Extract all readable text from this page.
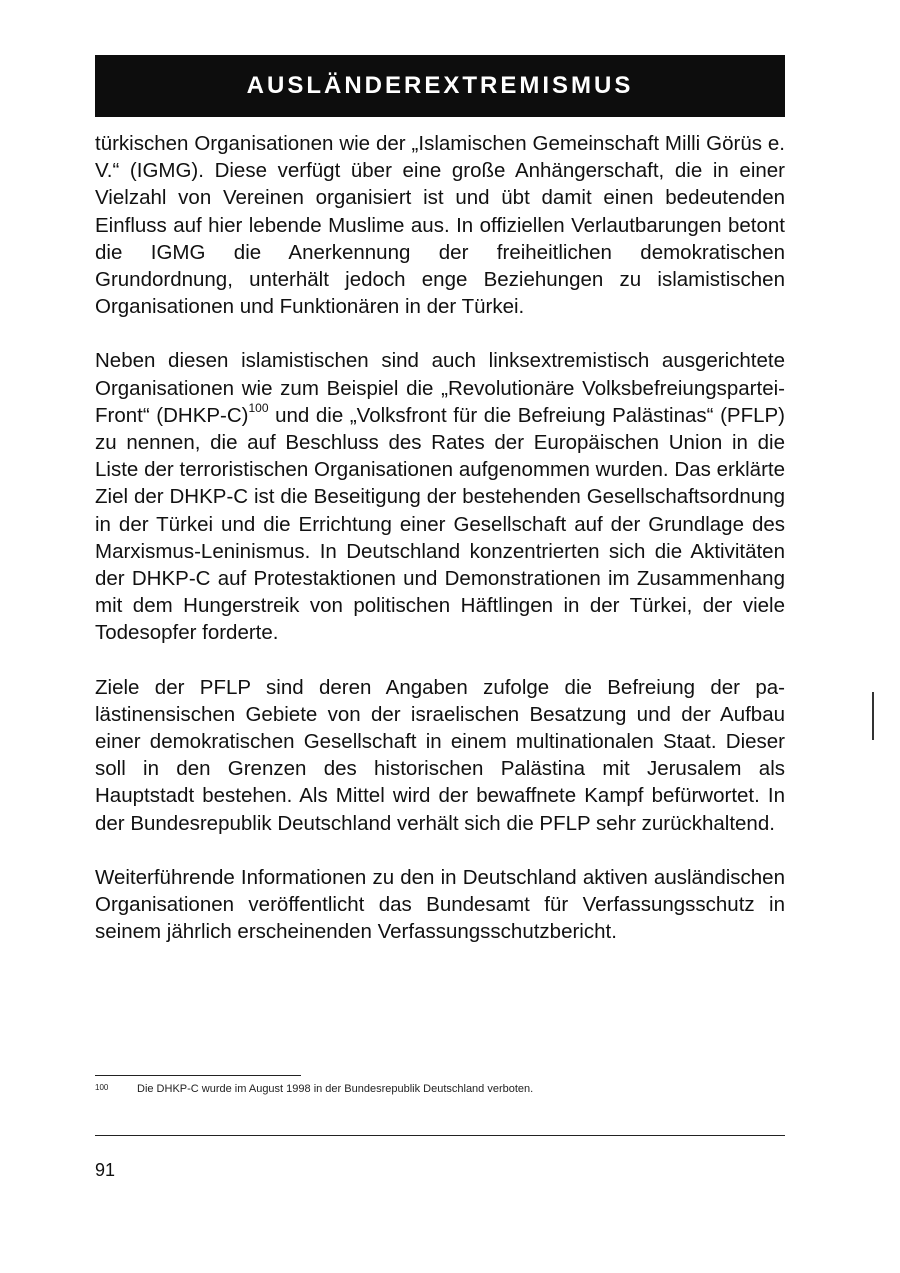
AUSLÄNDEREXTREMISMUS

türkischen Organisationen wie der „Islamischen Gemeinschaft Milli Görüs e. V.“ (IGMG). Diese verfügt über eine große Anhängerschaft, die in einer Vielzahl von Vereinen organisiert ist und übt damit einen bedeutenden Einfluss auf hier lebende Muslime aus. In offiziellen Verlautbarungen betont die IGMG die Anerkennung der freiheitlichen demokratischen Grundordnung, unterhält jedoch enge Beziehungen zu islamistischen Organisationen und Funktionären in der Türkei.

Neben diesen islamistischen sind auch linksextremistisch ausgerichtete Organisationen wie zum Beispiel die „Revolutionäre Volksbefreiungspartei-Front“ (DHKP-C)$^{100}$ und die „Volksfront für die Befreiung Palästinas“ (PFLP) zu nennen, die auf Beschluss des Rates der Europäischen Union in die Liste der terroristischen Organisationen aufgenommen wurden. Das erklärte Ziel der DHKP-C ist die Beseitigung der bestehenden Gesellschaftsordnung in der Türkei und die Errichtung einer Gesellschaft auf der Grundlage des Marxismus-Leninismus. In Deutschland konzentrierten sich die Aktivitäten der DHKP-C auf Protestaktionen und Demonstrationen im Zusammenhang mit dem Hungerstreik von politischen Häftlingen in der Türkei, der viele Todesopfer forderte.

Ziele der PFLP sind deren Angaben zufolge die Befreiung der palästinensischen Gebiete von der israelischen Besatzung und der Aufbau einer demokratischen Gesellschaft in einem multinationalen Staat. Dieser soll in den Grenzen des historischen Palästina mit Jerusalem als Hauptstadt bestehen. Als Mittel wird der bewaffnete Kampf befürwortet. In der Bundesrepublik Deutschland verhält sich die PFLP sehr zurückhaltend.

Weiterführende Informationen zu den in Deutschland aktiven ausländischen Organisationen veröffentlicht das Bundesamt für Verfassungsschutz in seinem jährlich erscheinenden Verfassungsschutzbericht.

100	Die DHKP-C wurde im August 1998 in der Bundesrepublik Deutschland verboten.
91
